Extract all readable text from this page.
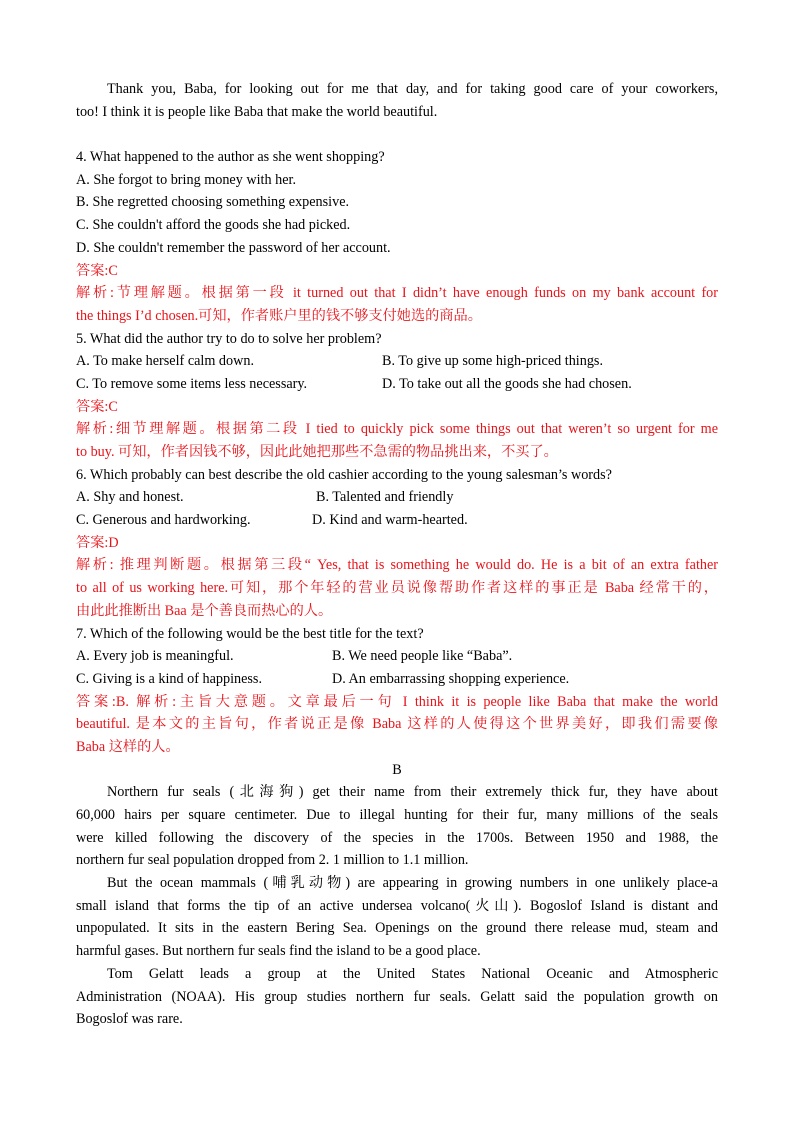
Thank you, Baba, for looking out for me that day, and for taking good care of your coworkers,
too! I think it is people like Baba that make the world beautiful.
4. What happened to the author as she went shopping?
A. She forgot to bring money with her.
B. She regretted choosing something expensive.
C. She couldn't afford the goods she had picked.
D. She couldn't remember the password of her account.
答案:C
解析:节理解题。根据第一段 it turned out that I didn’t have enough funds on my bank account for
the things I’d chosen.可知，作者账户里的钱不够支付她选的商品。
5. What did the author try to do to solve her problem?
A. To make herself calm down.	B. To give up some high-priced things.
C. To remove some items less necessary.	D. To take out all the goods she had chosen.
答案:C
解析:细节理解题。根据第二段 I tied to quickly pick some things out that weren’t so urgent for me
to buy. 可知，作者因钱不够，因此此她把那些不急需的物品挑出来，不买了。
6. Which probably can best describe the old cashier according to the young salesman’s words?
A. Shy and honest.	B. Talented and friendly
C. Generous and hardworking.	D. Kind and warm-hearted.
答案:D
解析: 推理判断题。根据第三段“ Yes, that is something he would do. He is a bit of an extra father
to all of us working here.可知，那个年轻的营业员说像帮助作者这样的事正是 Baba 经常干的，
由此此推断出 Baa 是个善良而热心的人。
7. Which of the following would be the best title for the text?
A. Every job is meaningful.	B. We need people like “Baba”.
C. Giving is a kind of happiness.	D. An embarrassing shopping experience.
答案:B. 解析:主旨大意题。文章最后一句 I think it is people like Baba that make the world
beautiful. 是本文的主旨句，作者说正是像 Baba 这样的人使得这个世界美好，即我们需要像
Baba 这样的人。
B
Northern fur seals (北海狗) get their name from their extremely thick fur, they have about
60,000 hairs per square centimeter. Due to illegal hunting for their fur, many millions of the seals
were killed following the discovery of the species in the 1700s. Between 1950 and 1988, the
northern fur seal population dropped from 2. 1 million to 1.1 million.
But the ocean mammals (哺乳动物) are appearing in growing numbers in one unlikely place-a
small island that forms the tip of an active undersea volcano(火山). Bogoslof Island is distant and
unpopulated. It sits in the eastern Bering Sea. Openings on the ground there release mud, steam and
harmful gases. But northern fur seals find the island to be a good place.
Tom Gelatt leads a group at the United States National Oceanic and Atmospheric
Administration (NOAA). His group studies northern fur seals. Gelatt said the population growth on
Bogoslof was rare.
